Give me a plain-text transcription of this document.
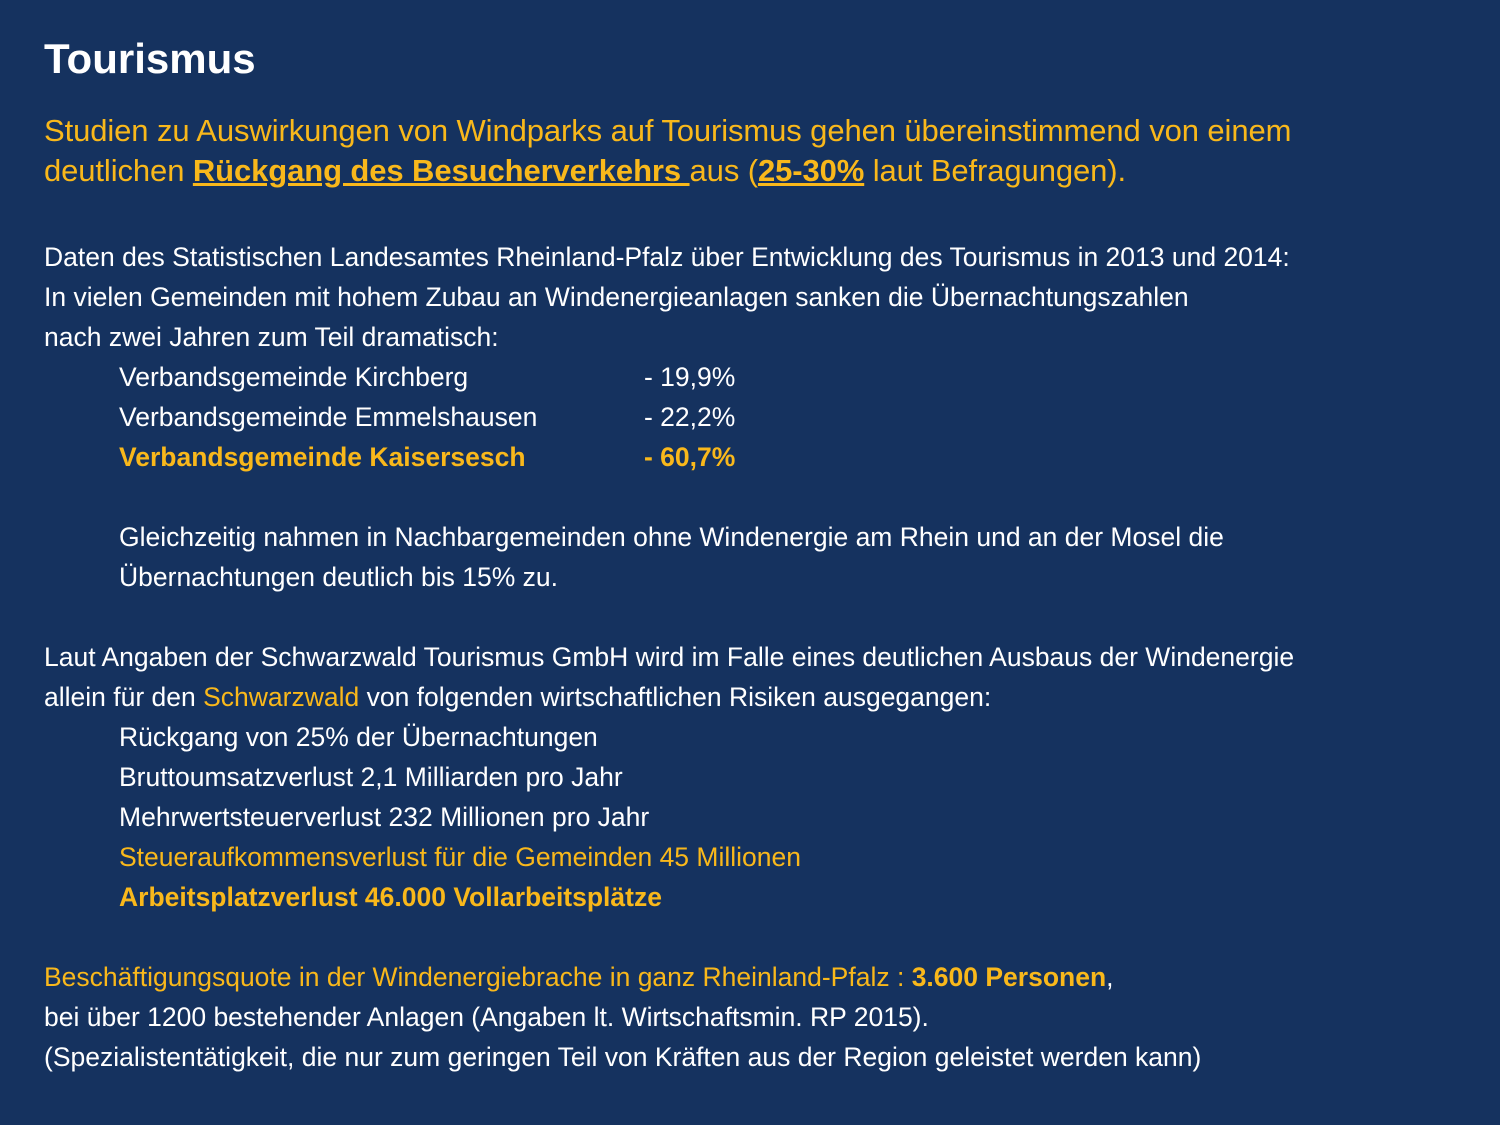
Tourismus
Studien zu Auswirkungen von Windparks auf Tourismus gehen übereinstimmend von einem
deutlichen Rückgang des Besucherverkehrs aus (25-30% laut Befragungen).
Daten des Statistischen Landesamtes Rheinland-Pfalz über Entwicklung des Tourismus in 2013 und 2014:
In vielen Gemeinden mit hohem Zubau an Windenergieanlagen sanken die Übernachtungszahlen
nach zwei Jahren zum Teil dramatisch:
Verbandsgemeinde Kirchberg	- 19,9%
Verbandsgemeinde Emmelshausen	- 22,2%
Verbandsgemeinde Kaisersesch	- 60,7%
Gleichzeitig nahmen in Nachbargemeinden ohne Windenergie am Rhein und an der Mosel die
Übernachtungen deutlich bis 15% zu.
Laut Angaben der Schwarzwald Tourismus GmbH wird im Falle eines deutlichen Ausbaus der Windenergie
allein für den Schwarzwald von folgenden wirtschaftlichen Risiken ausgegangen:
Rückgang von 25% der Übernachtungen
Bruttoumsatzverlust 2,1 Milliarden pro Jahr
Mehrwertsteuerverlust 232 Millionen pro Jahr
Steueraufkommensverlust für die Gemeinden 45 Millionen
Arbeitsplatzverlust 46.000 Vollarbeitsplätze
Beschäftigungsquote in der Windenergiebrache in ganz Rheinland-Pfalz : 3.600 Personen,
bei über 1200 bestehender Anlagen (Angaben lt. Wirtschaftsmin. RP 2015).
(Spezialistentätigkeit, die nur zum geringen Teil von Kräften aus der Region geleistet werden kann)
